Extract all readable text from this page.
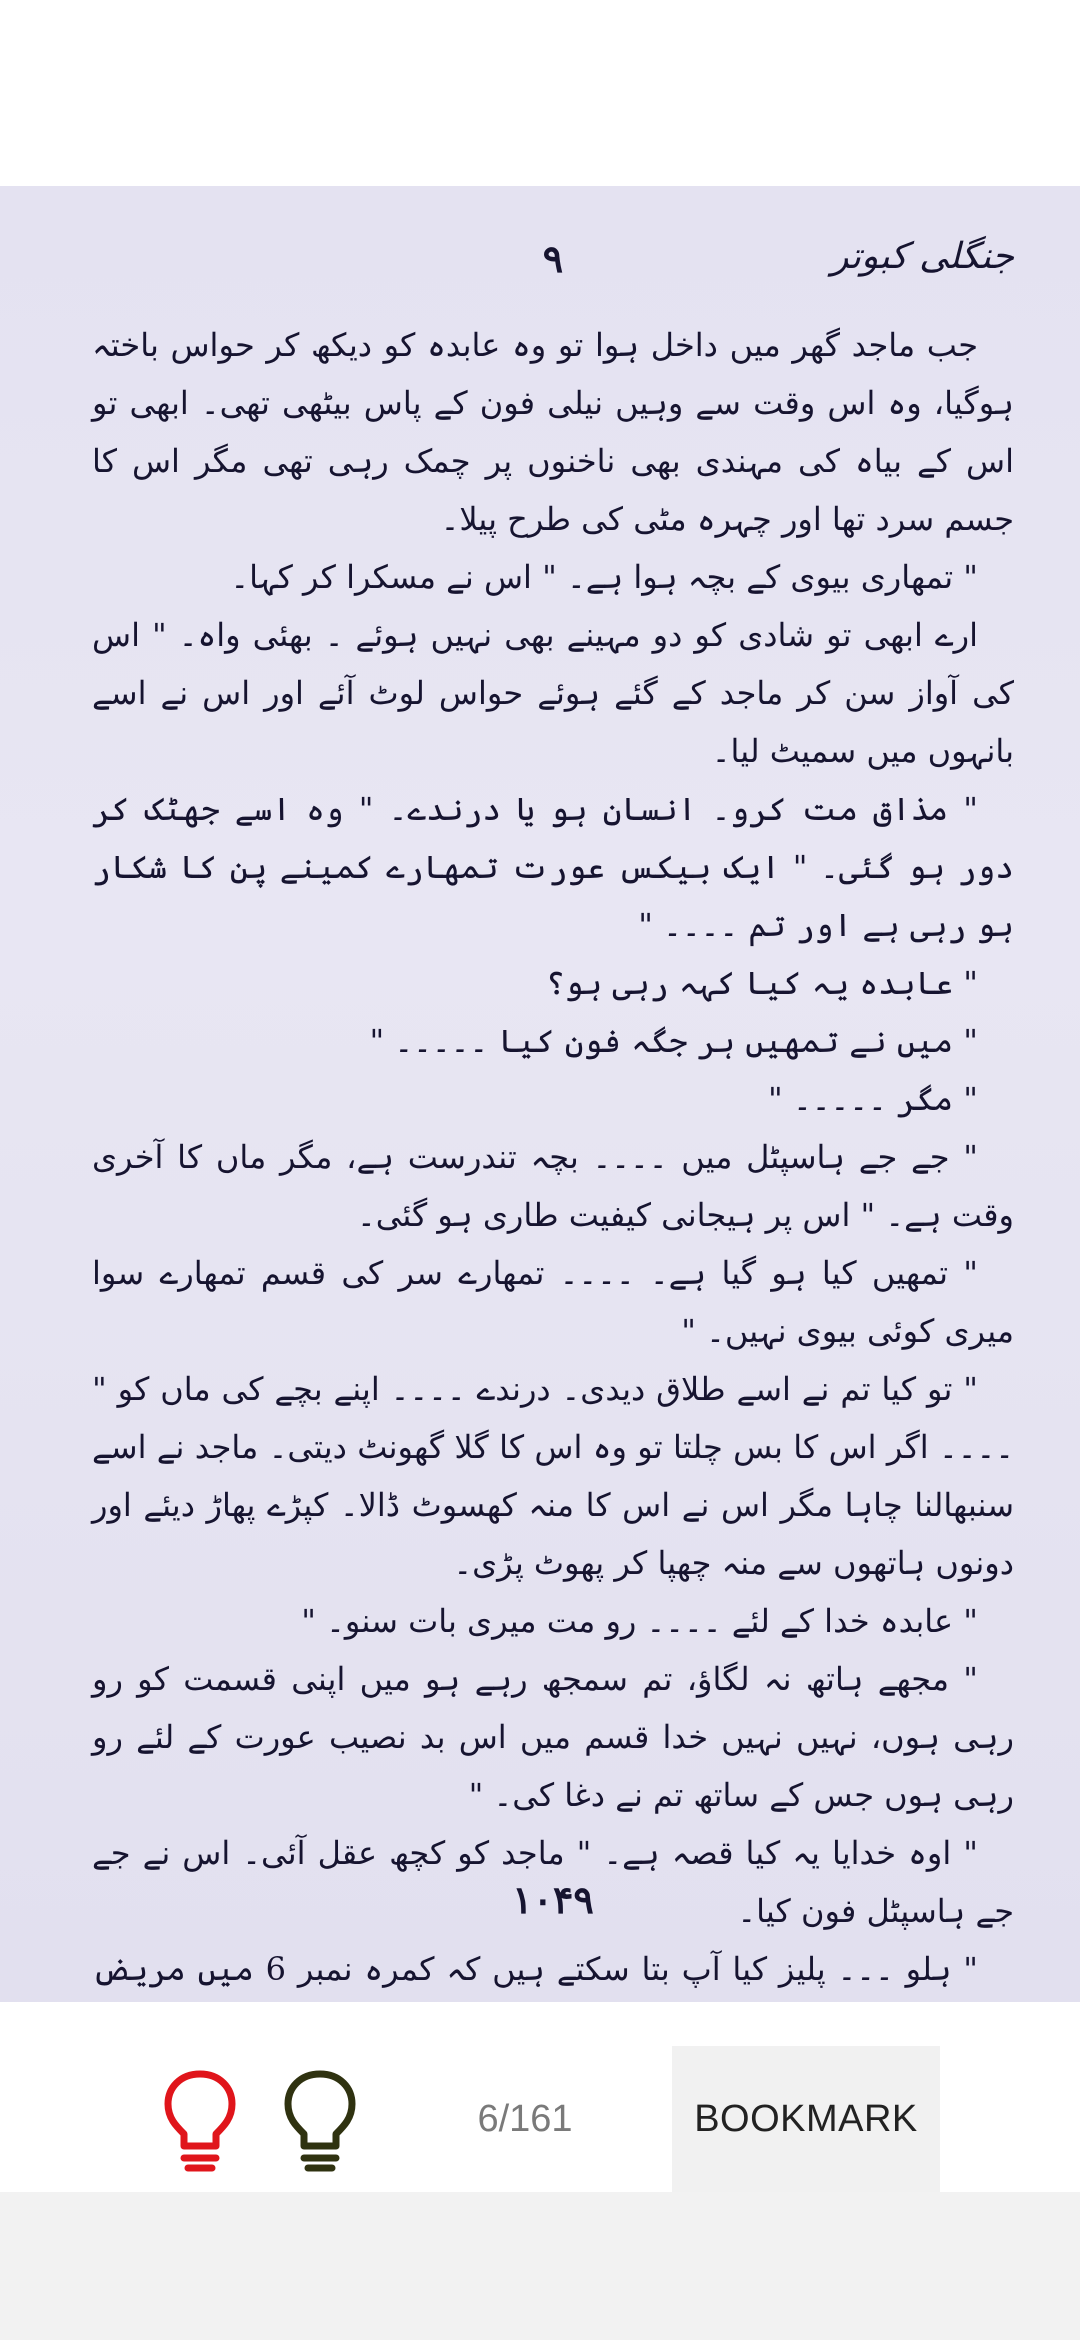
جنگلی کبوتر
۹

جب ماجد گھر میں داخل ہوا تو وہ عابدہ کو دیکھ کر حواس باختہ ہوگیا، وہ اس وقت سے وہیں نیلی فون کے پاس بیٹھی تھی۔ ابھی تو اس کے بیاہ کی مہندی بھی ناخنوں پر چمک رہی تھی مگر اس کا جسم سرد تھا اور چہرہ مٹی کی طرح پیلا۔

" تمھاری بیوی کے بچہ ہوا ہے۔ " اس نے مسکرا کر کہا۔

ارے ابھی تو شادی کو دو مہینے بھی نہیں ہوئے ۔ بھئی واہ۔ " اس کی آواز سن کر ماجد کے گئے ہوئے حواس لوٹ آئے اور اس نے اسے بانہوں میں سمیٹ لیا۔

" مذاق مت کرو۔ انسان ہو یا درندے۔ " وہ اسے جھٹک کر دور ہو گئی۔ " ایک بیکس عورت تمھارے کمینے پن کا شکار ہو رہی ہے اور تم ۔۔۔۔ "

" عابدہ یہ کیا کہہ رہی ہو؟

" میں نے تمھیں ہر جگہ فون کیا ۔۔۔۔۔ "

" مگر ۔۔۔۔۔ "

" جے جے ہاسپٹل میں ۔۔۔۔ بچہ تندرست ہے، مگر ماں کا آخری وقت ہے۔ " اس پر ہیجانی کیفیت طاری ہو گئی۔

" تمھیں کیا ہو گیا ہے۔ ۔۔۔۔ تمھارے سر کی قسم تمھارے سوا میری کوئی بیوی نہیں۔ "

" تو کیا تم نے اسے طلاق دیدی۔ درندے ۔۔۔۔ اپنے بچے کی ماں کو " ۔۔۔۔ اگر اس کا بس چلتا تو وہ اس کا گلا گھونٹ دیتی۔ ماجد نے اسے سنبھالنا چاہا مگر اس نے اس کا منہ کھسوٹ ڈالا۔ کپڑے پھاڑ دیئے اور دونوں ہاتھوں سے منہ چھپا کر پھوٹ پڑی۔

" عابدہ خدا کے لئے ۔۔۔۔ رو مت میری بات سنو۔ "

" مجھے ہاتھ نہ لگاؤ، تم سمجھ رہے ہو میں اپنی قسمت کو رو رہی ہوں، نہیں نہیں خدا قسم میں اس بد نصیب عورت کے لئے رو رہی ہوں جس کے ساتھ تم نے دغا کی۔ "

" اوہ خدایا یہ کیا قصہ ہے۔ " ماجد کو کچھ عقل آئی۔ اس نے جے جے ہاسپٹل فون کیا۔

" ہلو ۔۔۔ پلیز کیا آپ بتا سکتے ہیں کہ کمرہ نمبر 6 میں مریض

۱۰۴۹
6/161	BOOKMARK
